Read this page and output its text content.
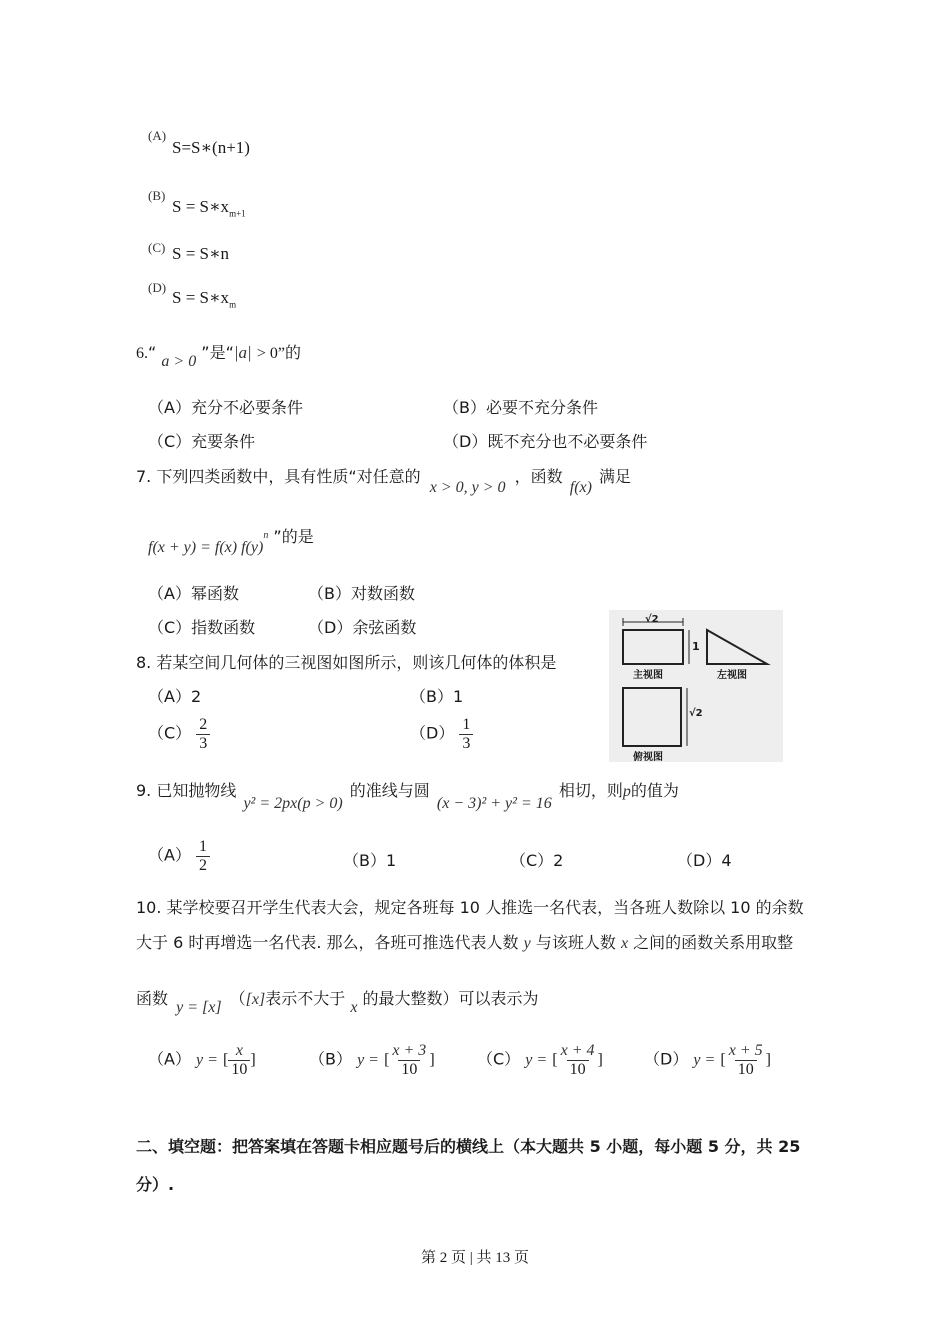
(A)
S=S∗(n+1)
(B)
$S = S∗x_{m+1}$
(C) S = S∗n
(D)
$S = S∗x_m$
6.“ a > 0 ”是“|a| > 0”的
（A）充分不必要条件	（B）必要不充分条件
（C）充要条件	（D）既不充分也不必要条件
7. 下列四类函数中，具有性质“对任意的 x > 0, y > 0 ，函数 f(x) 满足
f(x + y) = f(x) $f(y)^n$ ”的是
（A）幂函数	（B）对数函数
（C）指数函数	（D）余弦函数
8. 若某空间几何体的三视图如图所示，则该几何体的体积是
（A）2	（B）1
$(C) \frac{2}{3}$	$(D) \frac{1}{3}$
√2
1
主视图	左视图
√2
俯视图
9. 已知抛物线 y² = 2px(p > 0) 的准线与圆 (x − 3)² + y² = 16 相切，则p的值为
$(A) \frac{1}{2}$	（B）1	（C）2	（D）4
10. 某学校要召开学生代表大会，规定各班每 10 人推选一名代表，当各班人数除以 10 的余数
大于 6 时再增选一名代表. 那么，各班可推选代表人数 y 与该班人数 x 之间的函数关系用取整
函数 y = [x] （[x]表示不大于 x 的最大整数）可以表示为
（A） y = [ $\frac{x}{10}$ ]	（B） y = [ $\frac{x + 3}{10}$ ]	（C） y = [ $\frac{x + 4}{10}$ ]	（D） y = [ $\frac{x + 5}{10}$ ]
二、填空题：把答案填在答题卡相应题号后的横线上（本大题共 5 小题，每小题 5 分，共 25
分）.
第 2 页 | 共 13 页
